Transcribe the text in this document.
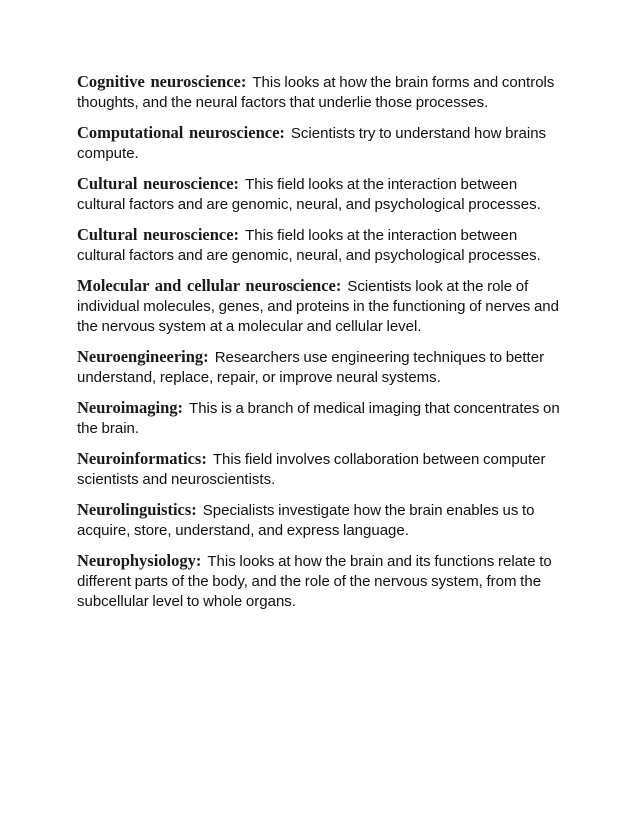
Cognitive neuroscience: This looks at how the brain forms and controls thoughts, and the neural factors that underlie those processes.

Computational neuroscience: Scientists try to understand how brains compute.

Cultural neuroscience: This field looks at the interaction between cultural factors and are genomic, neural, and psychological processes.

Cultural neuroscience: This field looks at the interaction between cultural factors and are genomic, neural, and psychological processes.

Molecular and cellular neuroscience: Scientists look at the role of individual molecules, genes, and proteins in the functioning of nerves and the nervous system at a molecular and cellular level.

Neuroengineering: Researchers use engineering techniques to better understand, replace, repair, or improve neural systems.

Neuroimaging: This is a branch of medical imaging that concentrates on the brain.

Neuroinformatics: This field involves collaboration between computer scientists and neuroscientists.

Neurolinguistics: Specialists investigate how the brain enables us to acquire, store, understand, and express language.

Neurophysiology: This looks at how the brain and its functions relate to different parts of the body, and the role of the nervous system, from the subcellular level to whole organs.
